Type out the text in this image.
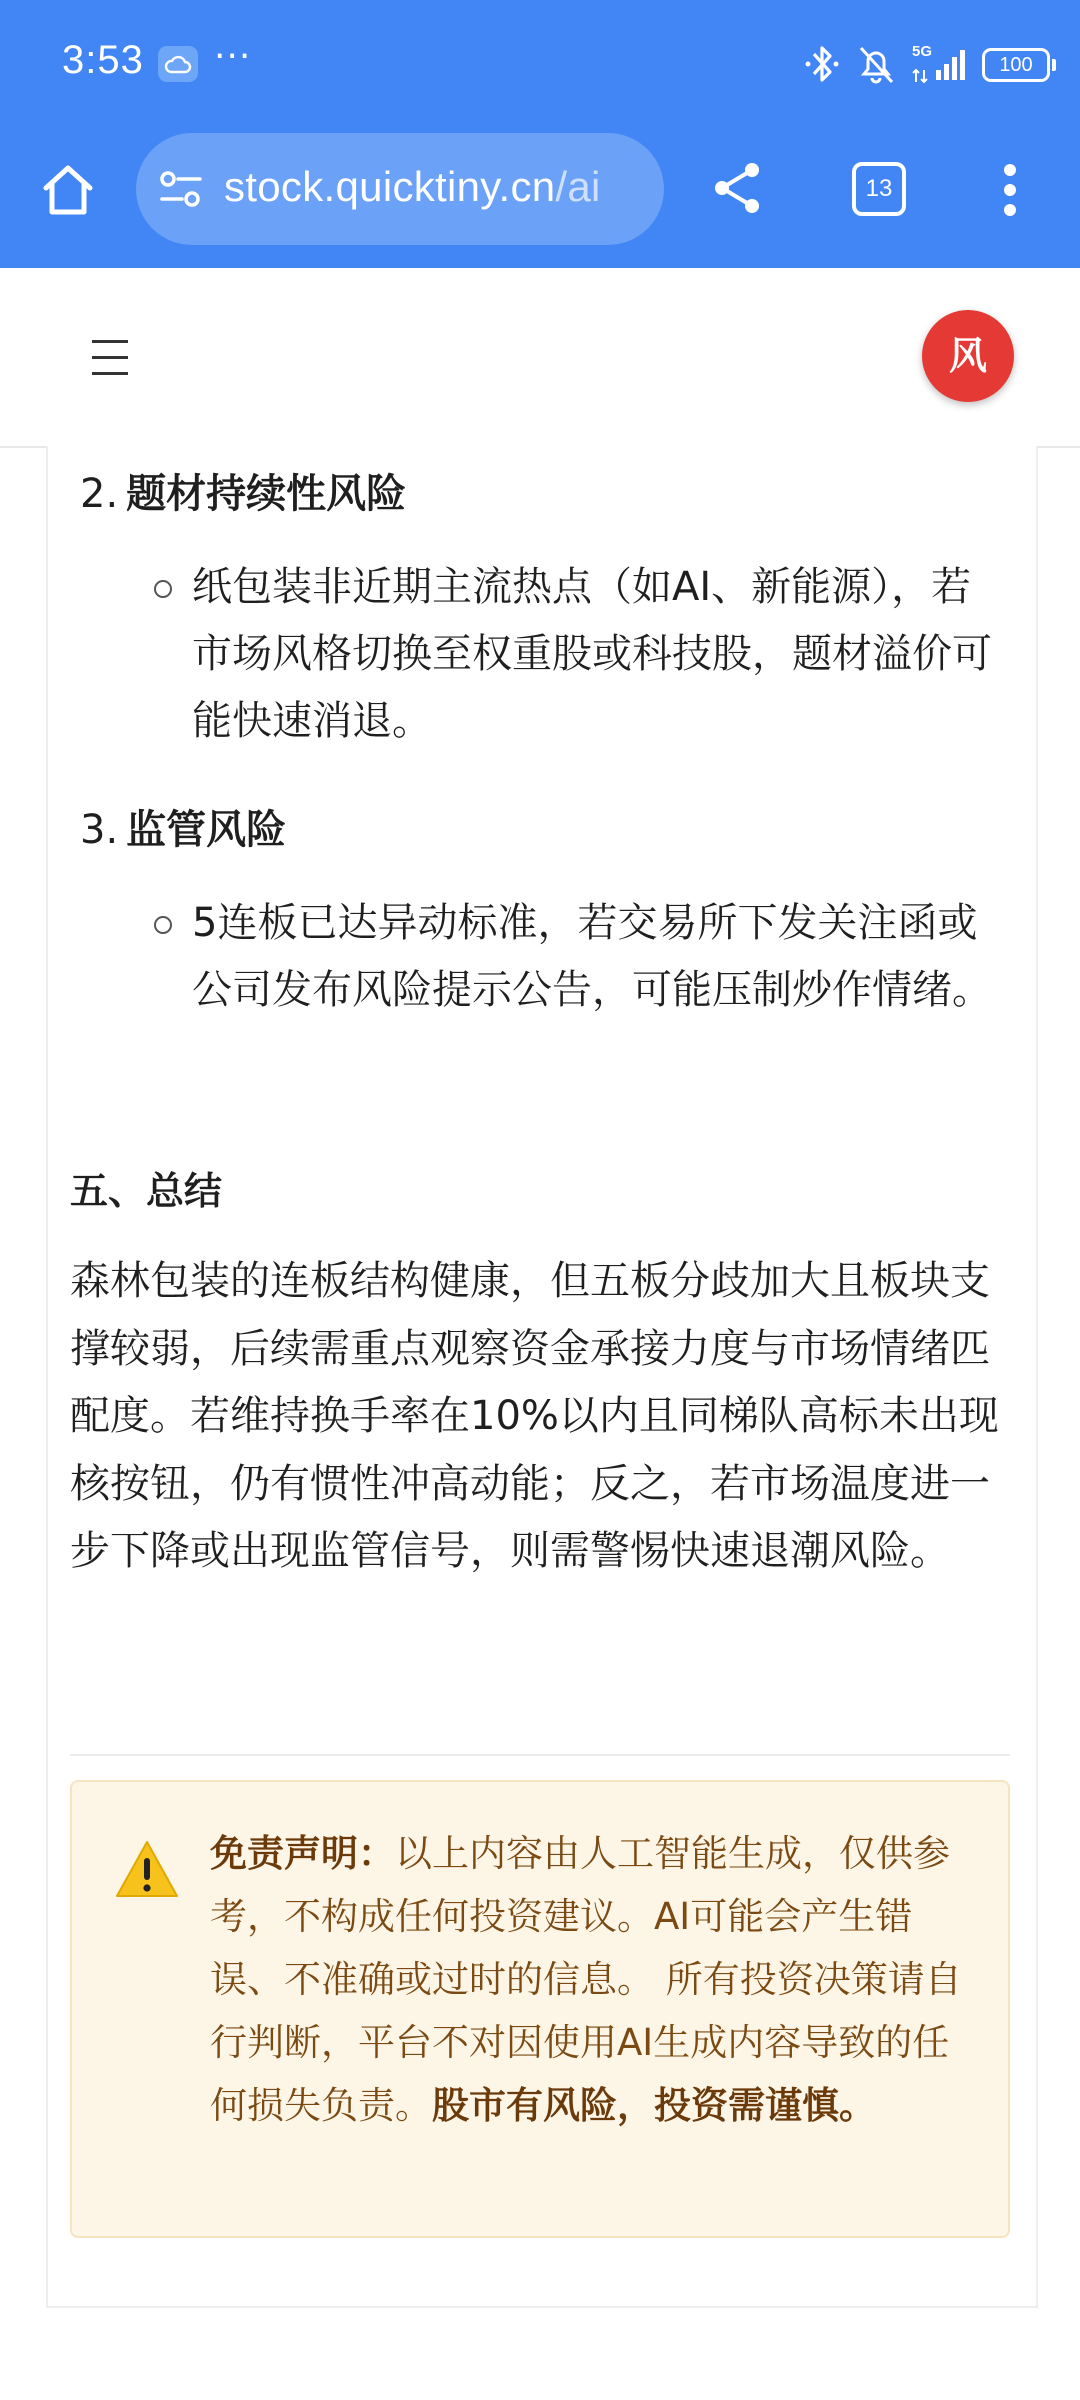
3:53 ···	5G
100
stock.quicktiny.cn/ai	13
风
2. 题材持续性风险
纸包装非近期主流热点（如AI、新能源），若市场风格切换至权重股或科技股，题材溢价可能快速消退。
3. 监管风险
5连板已达异动标准，若交易所下发关注函或公司发布风险提示公告，可能压制炒作情绪。
五、总结
森林包装的连板结构健康，但五板分歧加大且板块支撑较弱，后续需重点观察资金承接力度与市场情绪匹配度。若维持换手率在10%以内且同梯队高标未出现核按钮，仍有惯性冲高动能；反之，若市场温度进一步下降或出现监管信号，则需警惕快速退潮风险。
免责声明：以上内容由人工智能生成，仅供参考，不构成任何投资建议。AI可能会产生错误、不准确或过时的信息。 所有投资决策请自行判断，平台不对因使用AI生成内容导致的任何损失负责。股市有风险，投资需谨慎。
